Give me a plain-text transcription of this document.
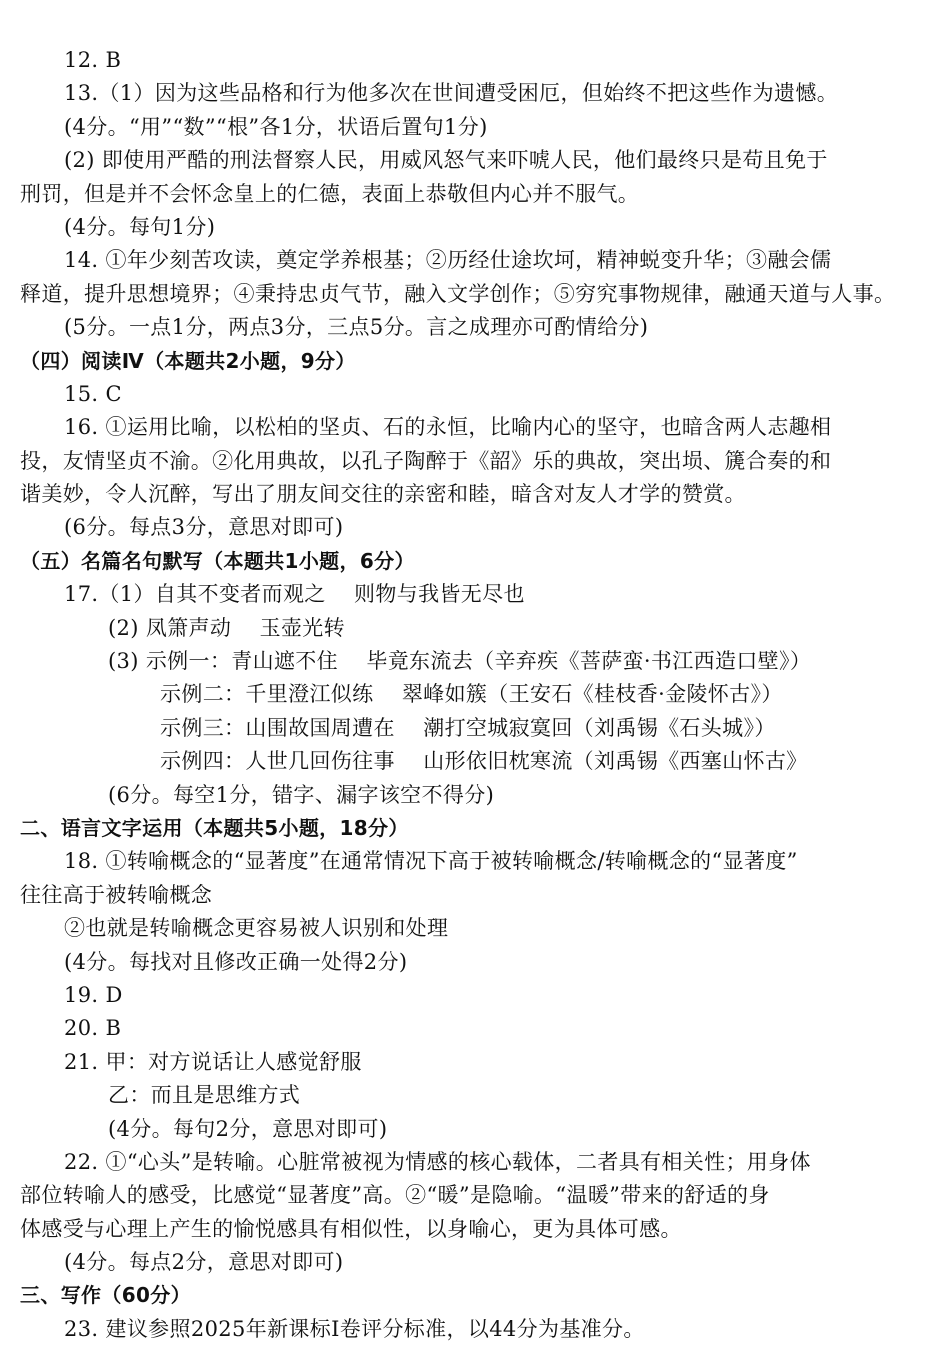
12. B
13.（1）因为这些品格和行为他多次在世间遭受困厄，但始终不把这些作为遗憾。
(4分。“用”“数”“根”各1分，状语后置句1分)
(2) 即使用严酷的刑法督察人民，用威风怒气来吓唬人民，他们最终只是苟且免于
刑罚，但是并不会怀念皇上的仁德，表面上恭敬但内心并不服气。
(4分。每句1分)
14. ①年少刻苦攻读，奠定学养根基；②历经仕途坎坷，精神蜕变升华；③融会儒
释道，提升思想境界；④秉持忠贞气节，融入文学创作；⑤穷究事物规律，融通天道与人事。
(5分。一点1分，两点3分，三点5分。言之成理亦可酌情给分)
（四）阅读Ⅳ（本题共2小题，9分）
15. C
16. ①运用比喻，以松柏的坚贞、石的永恒，比喻内心的坚守，也暗含两人志趣相
投，友情坚贞不渝。②化用典故，以孔子陶醉于《韶》乐的典故，突出埙、篪合奏的和
谐美妙，令人沉醉，写出了朋友间交往的亲密和睦，暗含对友人才学的赞赏。
(6分。每点3分，意思对即可)
（五）名篇名句默写（本题共1小题，6分）
17.（1）自其不变者而观之　 则物与我皆无尽也
(2) 凤箫声动　 玉壶光转
(3) 示例一：青山遮不住　 毕竟东流去（辛弃疾《菩萨蛮·书江西造口壁》）
示例二：千里澄江似练　 翠峰如簇（王安石《桂枝香·金陵怀古》）
示例三：山围故国周遭在　 潮打空城寂寞回（刘禹锡《石头城》）
示例四：人世几回伤往事　 山形依旧枕寒流（刘禹锡《西塞山怀古》
(6分。每空1分，错字、漏字该空不得分)
二、语言文字运用（本题共5小题，18分）
18. ①转喻概念的“显著度”在通常情况下高于被转喻概念/转喻概念的“显著度”
往往高于被转喻概念
②也就是转喻概念更容易被人识别和处理
(4分。每找对且修改正确一处得2分)
19. D
20. B
21. 甲：对方说话让人感觉舒服
乙：而且是思维方式
(4分。每句2分，意思对即可)
22. ①“心头”是转喻。心脏常被视为情感的核心载体，二者具有相关性；用身体
部位转喻人的感受，比感觉“显著度”高。②“暖”是隐喻。“温暖”带来的舒适的身
体感受与心理上产生的愉悦感具有相似性，以身喻心，更为具体可感。
(4分。每点2分，意思对即可)
三、写作（60分）
23. 建议参照2025年新课标Ⅰ卷评分标准，以44分为基准分。
